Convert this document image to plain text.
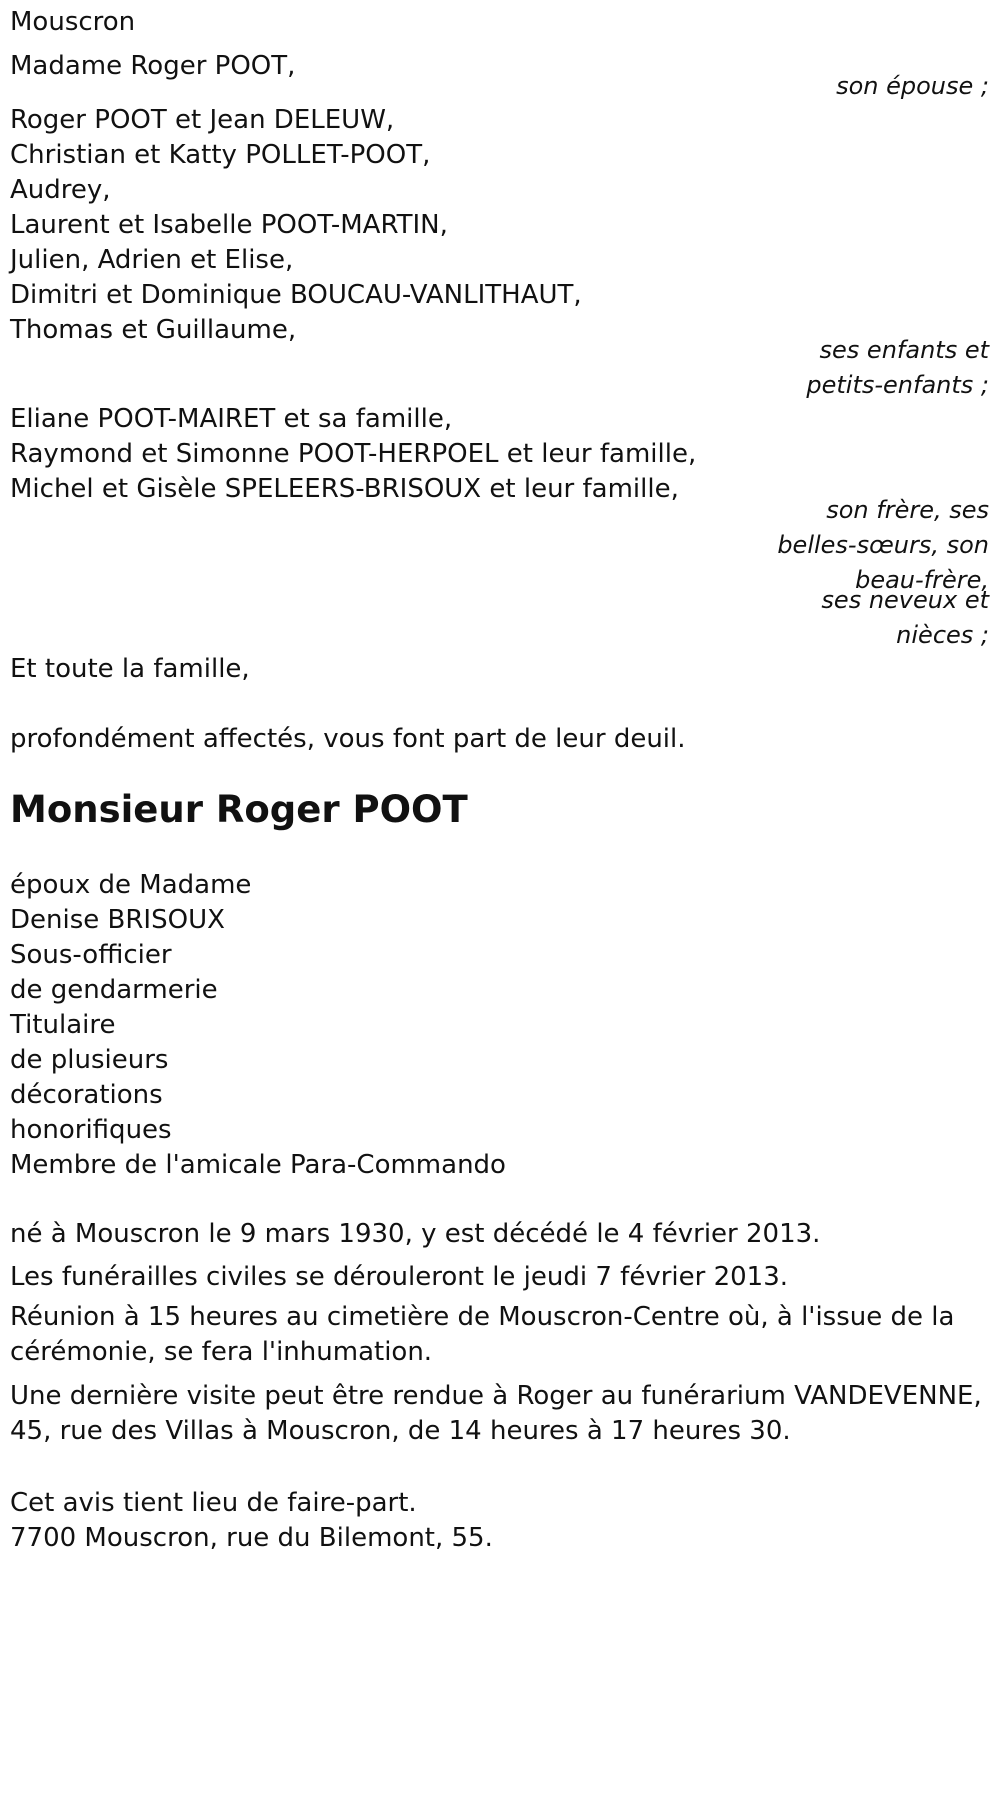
Mouscron

Madame Roger POOT,

son épouse ;

Roger POOT et Jean DELEUW,

Christian et Katty POLLET-POOT,

Audrey,

Laurent et Isabelle POOT-MARTIN,

Julien, Adrien et Elise,

Dimitri et Dominique BOUCAU-VANLITHAUT,

Thomas et Guillaume,

ses enfants et

petits-enfants ;

Eliane POOT-MAIRET et sa famille,

Raymond et Simonne POOT-HERPOEL et leur famille,

Michel et Gisèle SPELEERS-BRISOUX et leur famille,

son frère, ses

belles-sœurs, son

beau-frère,

ses neveux et

nièces ;

Et toute la famille,

profondément affectés, vous font part de leur deuil.

Monsieur Roger POOT

époux de Madame

Denise BRISOUX

Sous-officier

de gendarmerie

Titulaire

de plusieurs

décorations

honorifiques

Membre de l'amicale Para-Commando

né à Mouscron le 9 mars 1930, y est décédé le 4 février 2013.

Les funérailles civiles se dérouleront le jeudi 7 février 2013.

Réunion à 15 heures au cimetière de Mouscron-Centre où, à l'issue de la cérémonie, se fera l'inhumation.

Une dernière visite peut être rendue à Roger au funérarium VANDEVENNE, 45, rue des Villas à Mouscron, de 14 heures à 17 heures 30.

Cet avis tient lieu de faire-part.

7700 Mouscron, rue du Bilemont, 55.
